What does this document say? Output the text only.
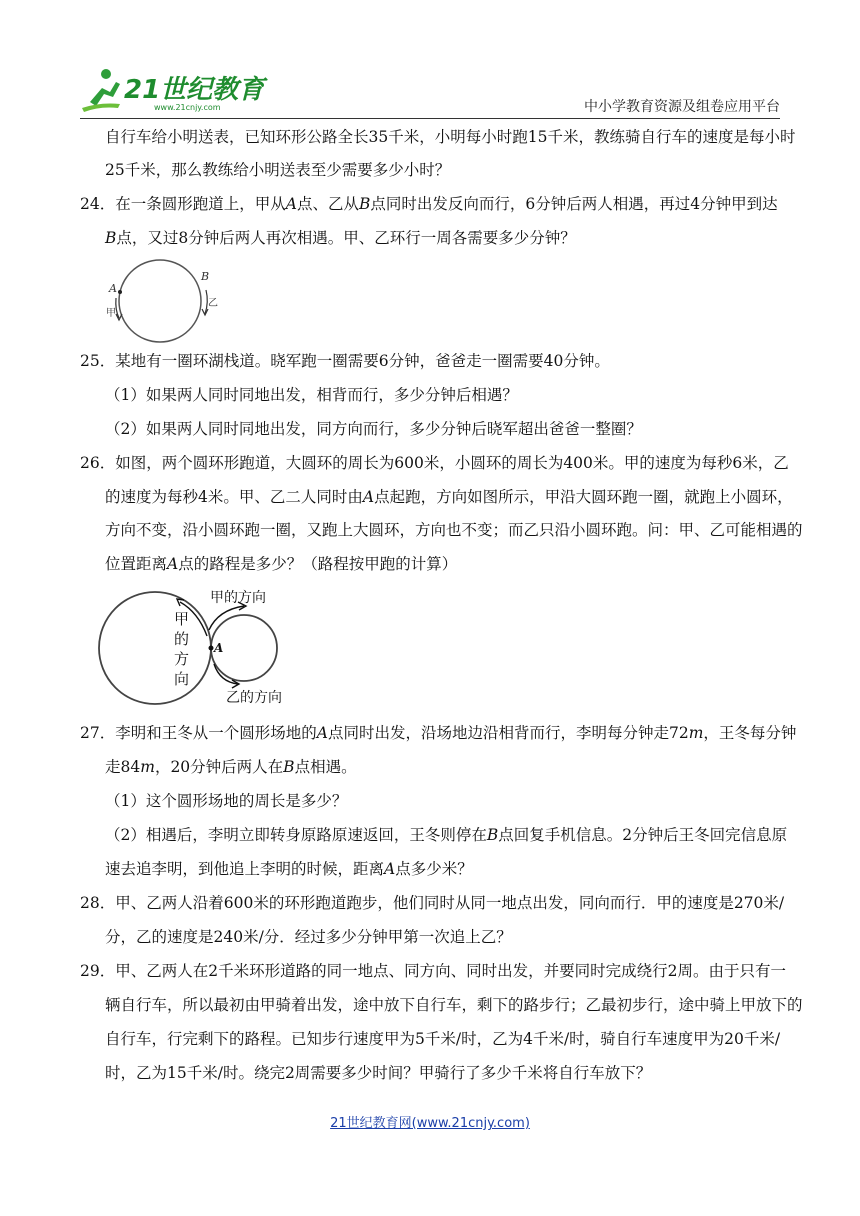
21世纪教育
www.21cnjy.com	中小学教育资源及组卷应用平台
自行车给小明送表，已知环形公路全长35千米，小明每小时跑15千米，教练骑自行车的速度是每小时
25千米，那么教练给小明送表至少需要多少小时？
24．在一条圆形跑道上，甲从A点、乙从B点同时出发反向而行，6分钟后两人相遇，再过4分钟甲到达
B点，又过8分钟后两人再次相遇。甲、乙环行一周各需要多少分钟？
A
B
甲
乙
25．某地有一圈环湖栈道。晓军跑一圈需要6分钟，爸爸走一圈需要40分钟。
（1）如果两人同时同地出发，相背而行，多少分钟后相遇？
（2）如果两人同时同地出发，同方向而行，多少分钟后晓军超出爸爸一整圈？
26．如图，两个圆环形跑道，大圆环的周长为600米，小圆环的周长为400米。甲的速度为每秒6米，乙
的速度为每秒4米。甲、乙二人同时由A点起跑，方向如图所示，甲沿大圆环跑一圈，就跑上小圆环，
方向不变，沿小圆环跑一圈，又跑上大圆环，方向也不变；而乙只沿小圆环跑。问：甲、乙可能相遇的
位置距离A点的路程是多少？（路程按甲跑的计算）
A
甲的方向
甲
的
方
向
乙的方向
27．李明和王冬从一个圆形场地的A点同时出发，沿场地边沿相背而行，李明每分钟走72m，王冬每分钟
走84m，20分钟后两人在B点相遇。
（1）这个圆形场地的周长是多少？
（2）相遇后，李明立即转身原路原速返回，王冬则停在B点回复手机信息。2分钟后王冬回完信息原
速去追李明，到他追上李明的时候，距离A点多少米？
28．甲、乙两人沿着600米的环形跑道跑步，他们同时从同一地点出发，同向而行．甲的速度是270米/
分，乙的速度是240米/分．经过多少分钟甲第一次追上乙？
29．甲、乙两人在2千米环形道路的同一地点、同方向、同时出发，并要同时完成绕行2周。由于只有一
辆自行车，所以最初由甲骑着出发，途中放下自行车，剩下的路步行；乙最初步行，途中骑上甲放下的
自行车，行完剩下的路程。已知步行速度甲为5千米/时，乙为4千米/时，骑自行车速度甲为20千米/
时，乙为15千米/时。绕完2周需要多少时间？甲骑行了多少千米将自行车放下？
21世纪教育网(www.21cnjy.com)
